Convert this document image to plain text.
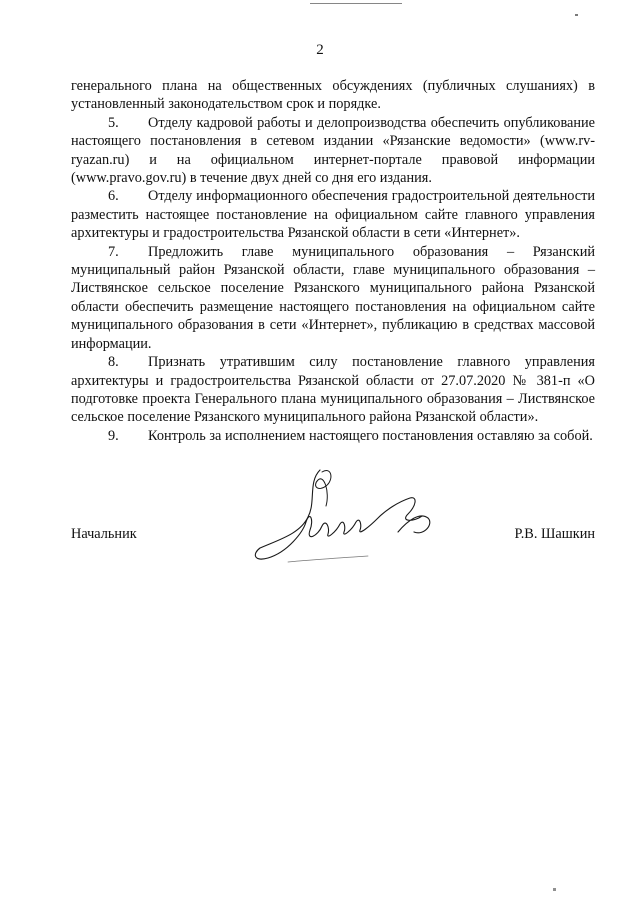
2

генерального плана на общественных обсуждениях (публичных слушаниях) в установленный законодательством срок и порядке.

5. Отделу кадровой работы и делопроизводства обеспечить опубликование настоящего постановления в сетевом издании «Рязанские ведомости» (www.rv-ryazan.ru) и на официальном интернет-портале правовой информации (www.pravo.gov.ru) в течение двух дней со дня его издания.

6. Отделу информационного обеспечения градостроительной деятельности разместить настоящее постановление на официальном сайте главного управления архитектуры и градостроительства Рязанской области в сети «Интернет».

7. Предложить главе муниципального образования – Рязанский муниципальный район Рязанской области, главе муниципального образования – Листвянское сельское поселение Рязанского муниципального района Рязанской области обеспечить размещение настоящего постановления на официальном сайте муниципального образования в сети «Интернет», публикацию в средствах массовой информации.

8. Признать утратившим силу постановление главного управления архитектуры и градостроительства Рязанской области от 27.07.2020 № 381-п «О подготовке проекта Генерального плана муниципального образования – Листвянское сельское поселение Рязанского муниципального района Рязанской области».

9. Контроль за исполнением настоящего постановления оставляю за собой.

Начальник	Р.В. Шашкин
